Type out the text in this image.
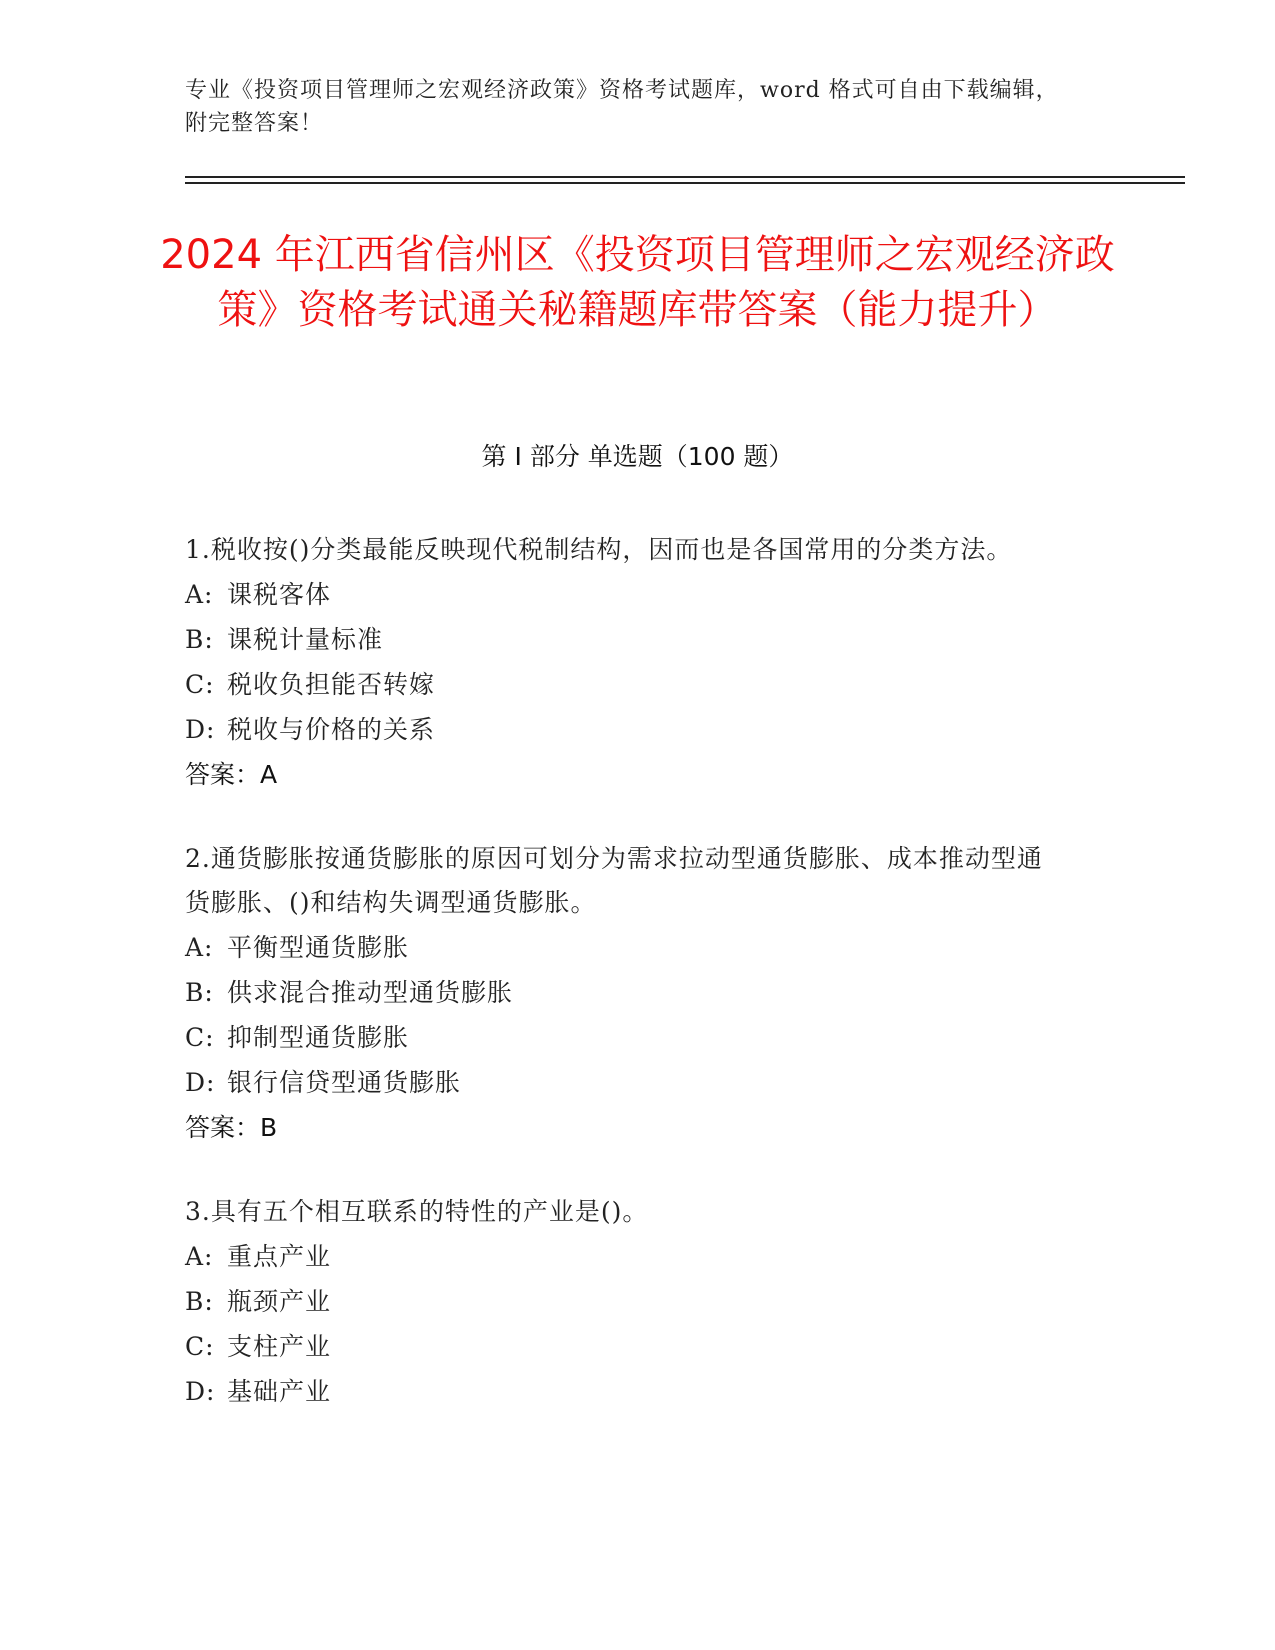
专业《投资项目管理师之宏观经济政策》资格考试题库，word 格式可自由下载编辑，附完整答案！
2024 年江西省信州区《投资项目管理师之宏观经济政策》资格考试通关秘籍题库带答案（能力提升）
第 I 部分 单选题（100 题）
1.税收按()分类最能反映现代税制结构，因而也是各国常用的分类方法。
A: 课税客体
B: 课税计量标准
C: 税收负担能否转嫁
D: 税收与价格的关系
答案：A
2.通货膨胀按通货膨胀的原因可划分为需求拉动型通货膨胀、成本推动型通货膨胀、()和结构失调型通货膨胀。
A: 平衡型通货膨胀
B: 供求混合推动型通货膨胀
C: 抑制型通货膨胀
D: 银行信贷型通货膨胀
答案：B
3.具有五个相互联系的特性的产业是()。
A: 重点产业
B: 瓶颈产业
C: 支柱产业
D: 基础产业
